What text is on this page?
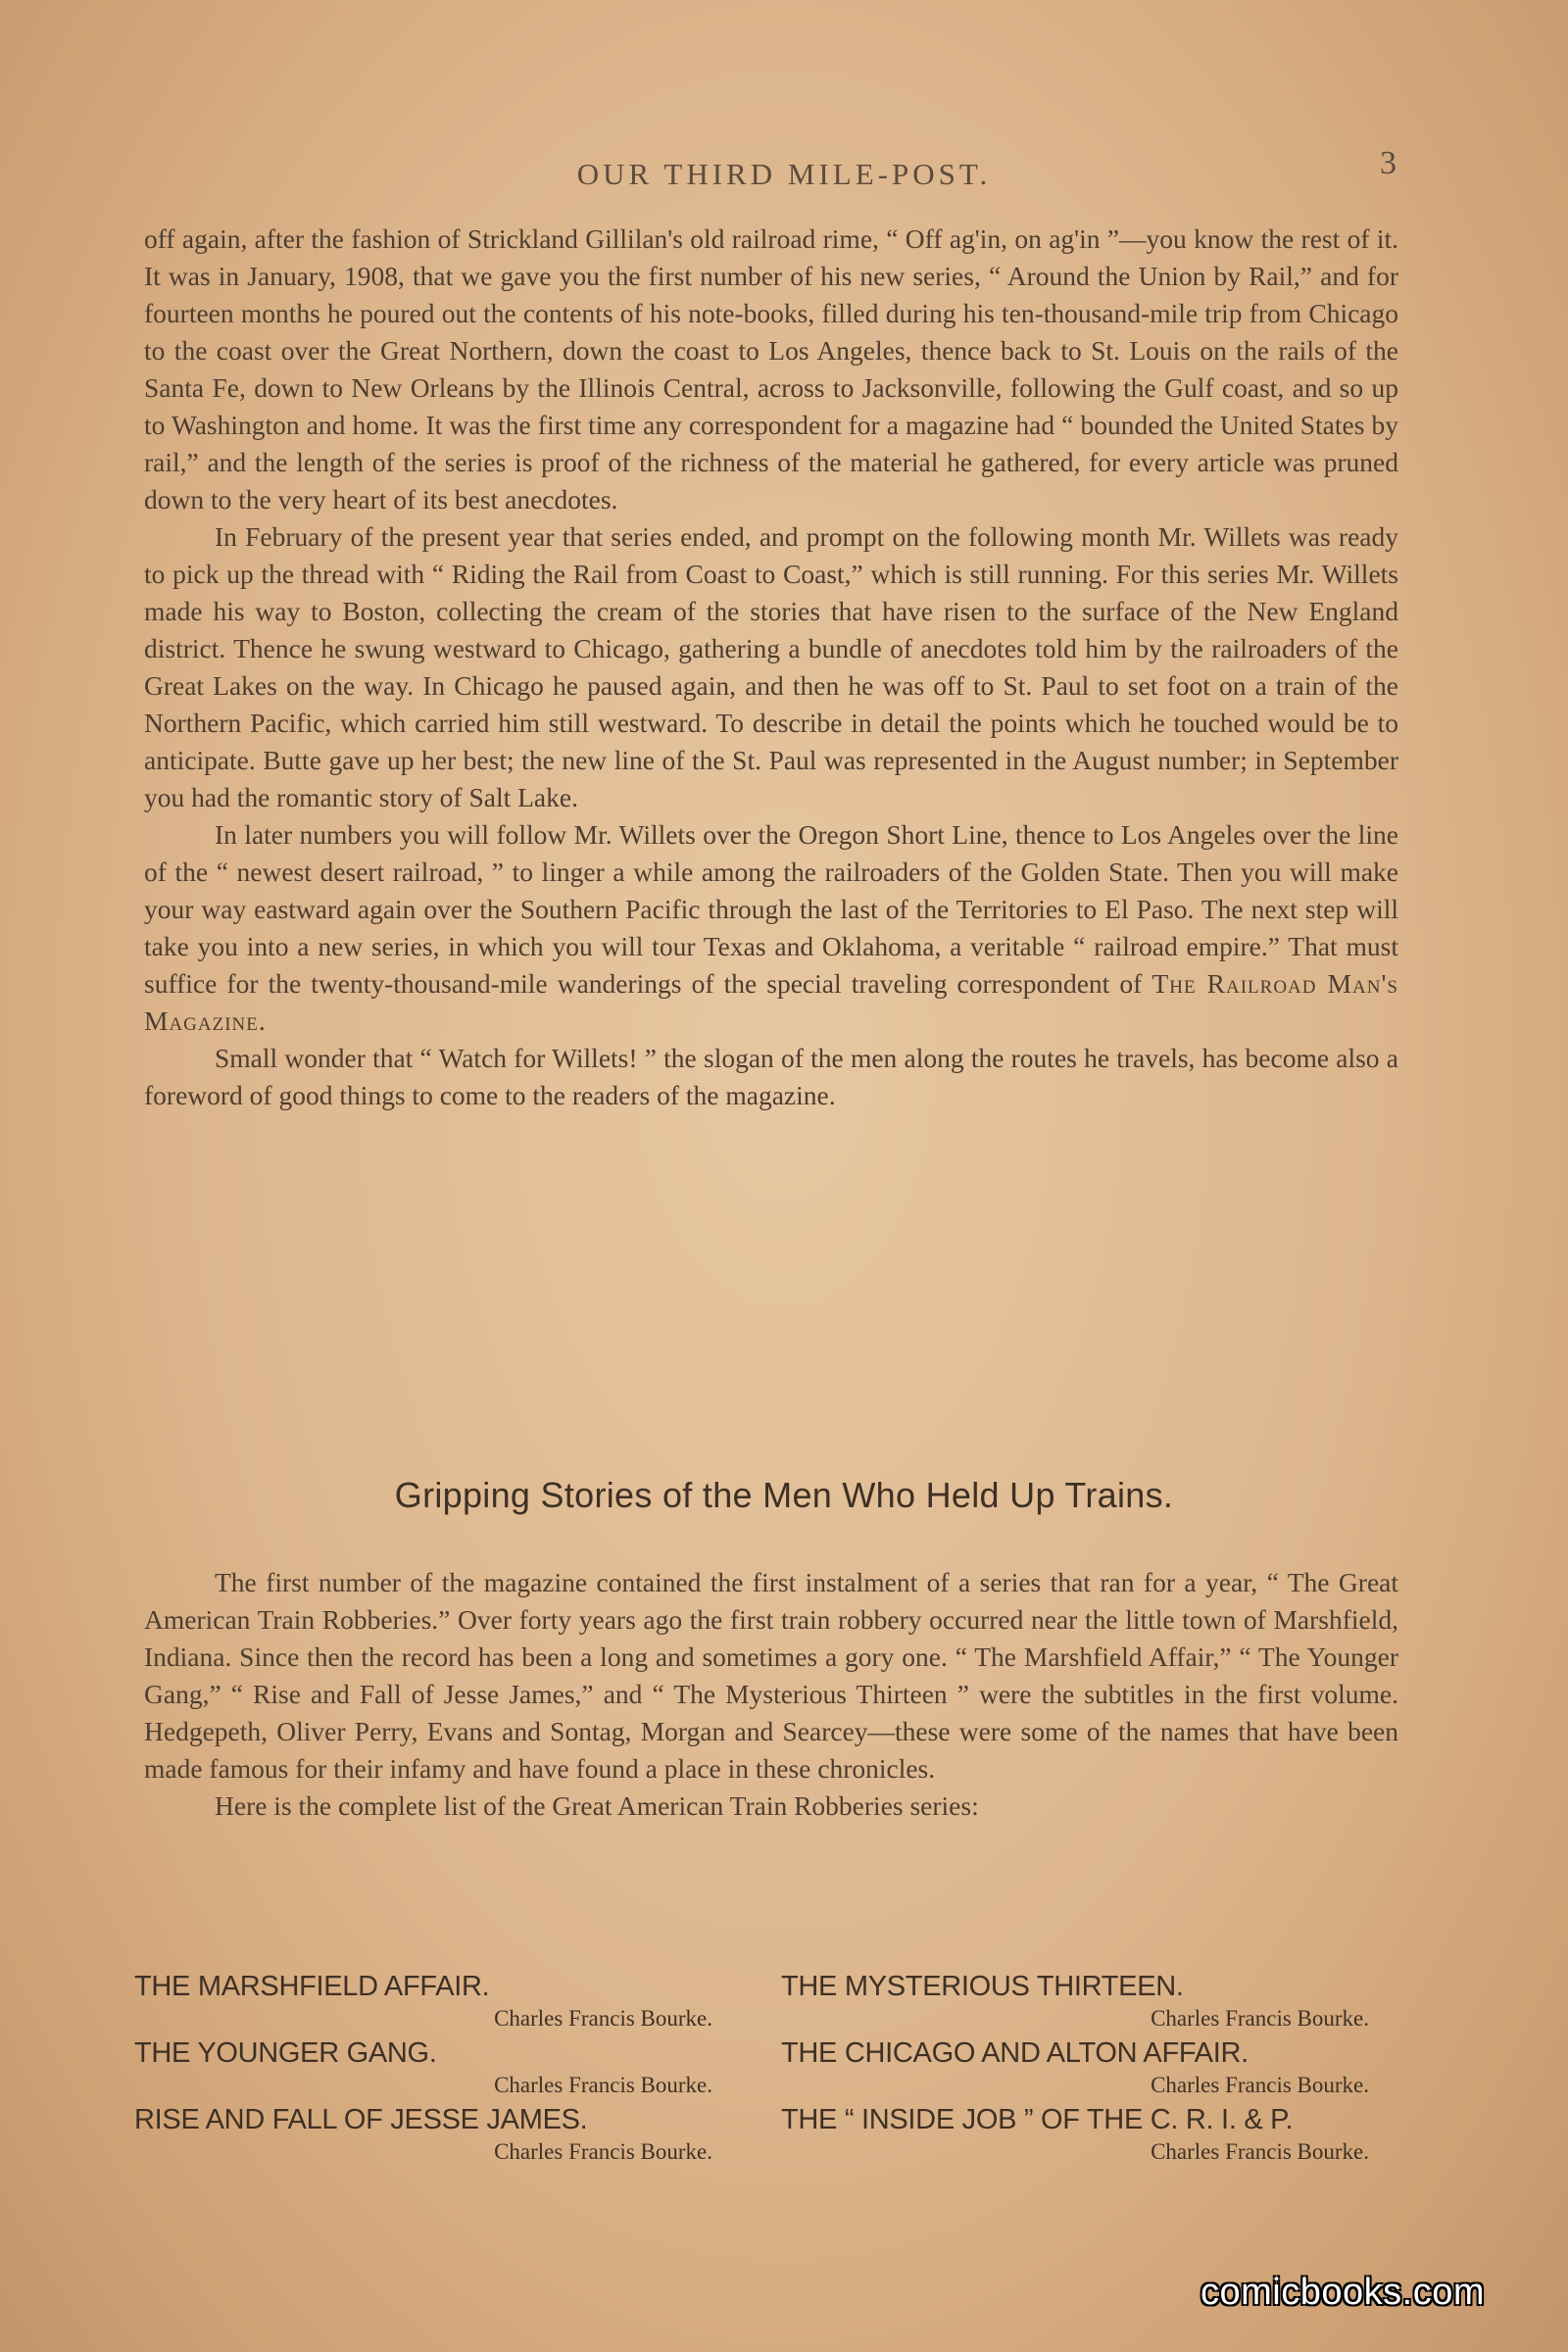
OUR THIRD MILE-POST.	3

off again, after the fashion of Strickland Gillilan's old railroad rime, “ Off ag'in, on ag'in ”—you know the rest of it. It was in January, 1908, that we gave you the first number of his new series, “ Around the Union by Rail,” and for fourteen months he poured out the contents of his note-books, filled during his ten-thousand-mile trip from Chicago to the coast over the Great Northern, down the coast to Los Angeles, thence back to St. Louis on the rails of the Santa Fe, down to New Orleans by the Illinois Central, across to Jacksonville, following the Gulf coast, and so up to Washington and home. It was the first time any correspondent for a magazine had “ bounded the United States by rail,” and the length of the series is proof of the richness of the material he gathered, for every article was pruned down to the very heart of its best anecdotes.

In February of the present year that series ended, and prompt on the following month Mr. Willets was ready to pick up the thread with “ Riding the Rail from Coast to Coast,” which is still running. For this series Mr. Willets made his way to Boston, collecting the cream of the stories that have risen to the surface of the New England district. Thence he swung westward to Chicago, gathering a bundle of anecdotes told him by the railroaders of the Great Lakes on the way. In Chicago he paused again, and then he was off to St. Paul to set foot on a train of the Northern Pacific, which carried him still westward. To describe in detail the points which he touched would be to anticipate. Butte gave up her best; the new line of the St. Paul was represented in the August number; in September you had the romantic story of Salt Lake.

In later numbers you will follow Mr. Willets over the Oregon Short Line, thence to Los Angeles over the line of the “ newest desert railroad, ” to linger a while among the railroaders of the Golden State. Then you will make your way eastward again over the Southern Pacific through the last of the Territories to El Paso. The next step will take you into a new series, in which you will tour Texas and Oklahoma, a veritable “ railroad empire.” That must suffice for the twenty-thousand-mile wanderings of the special traveling correspondent of The Railroad Man's Magazine.

Small wonder that “ Watch for Willets! ” the slogan of the men along the routes he travels, has become also a foreword of good things to come to the readers of the magazine.

Gripping Stories of the Men Who Held Up Trains.

The first number of the magazine contained the first instalment of a series that ran for a year, “ The Great American Train Robberies.” Over forty years ago the first train robbery occurred near the little town of Marshfield, Indiana. Since then the record has been a long and sometimes a gory one. “ The Marshfield Affair,” “ The Younger Gang,” “ Rise and Fall of Jesse James,” and “ The Mysterious Thirteen ” were the subtitles in the first volume. Hedgepeth, Oliver Perry, Evans and Sontag, Morgan and Searcey—these were some of the names that have been made famous for their infamy and have found a place in these chronicles.

Here is the complete list of the Great American Train Robberies series:

THE MARSHFIELD AFFAIR.
Charles Francis Bourke.
THE YOUNGER GANG.
Charles Francis Bourke.
RISE AND FALL OF JESSE JAMES.
Charles Francis Bourke.
THE MYSTERIOUS THIRTEEN.
Charles Francis Bourke.
THE CHICAGO AND ALTON AFFAIR.
Charles Francis Bourke.
THE “ INSIDE JOB ” OF THE C. R. I. & P.
Charles Francis Bourke.
comicbooks.com
